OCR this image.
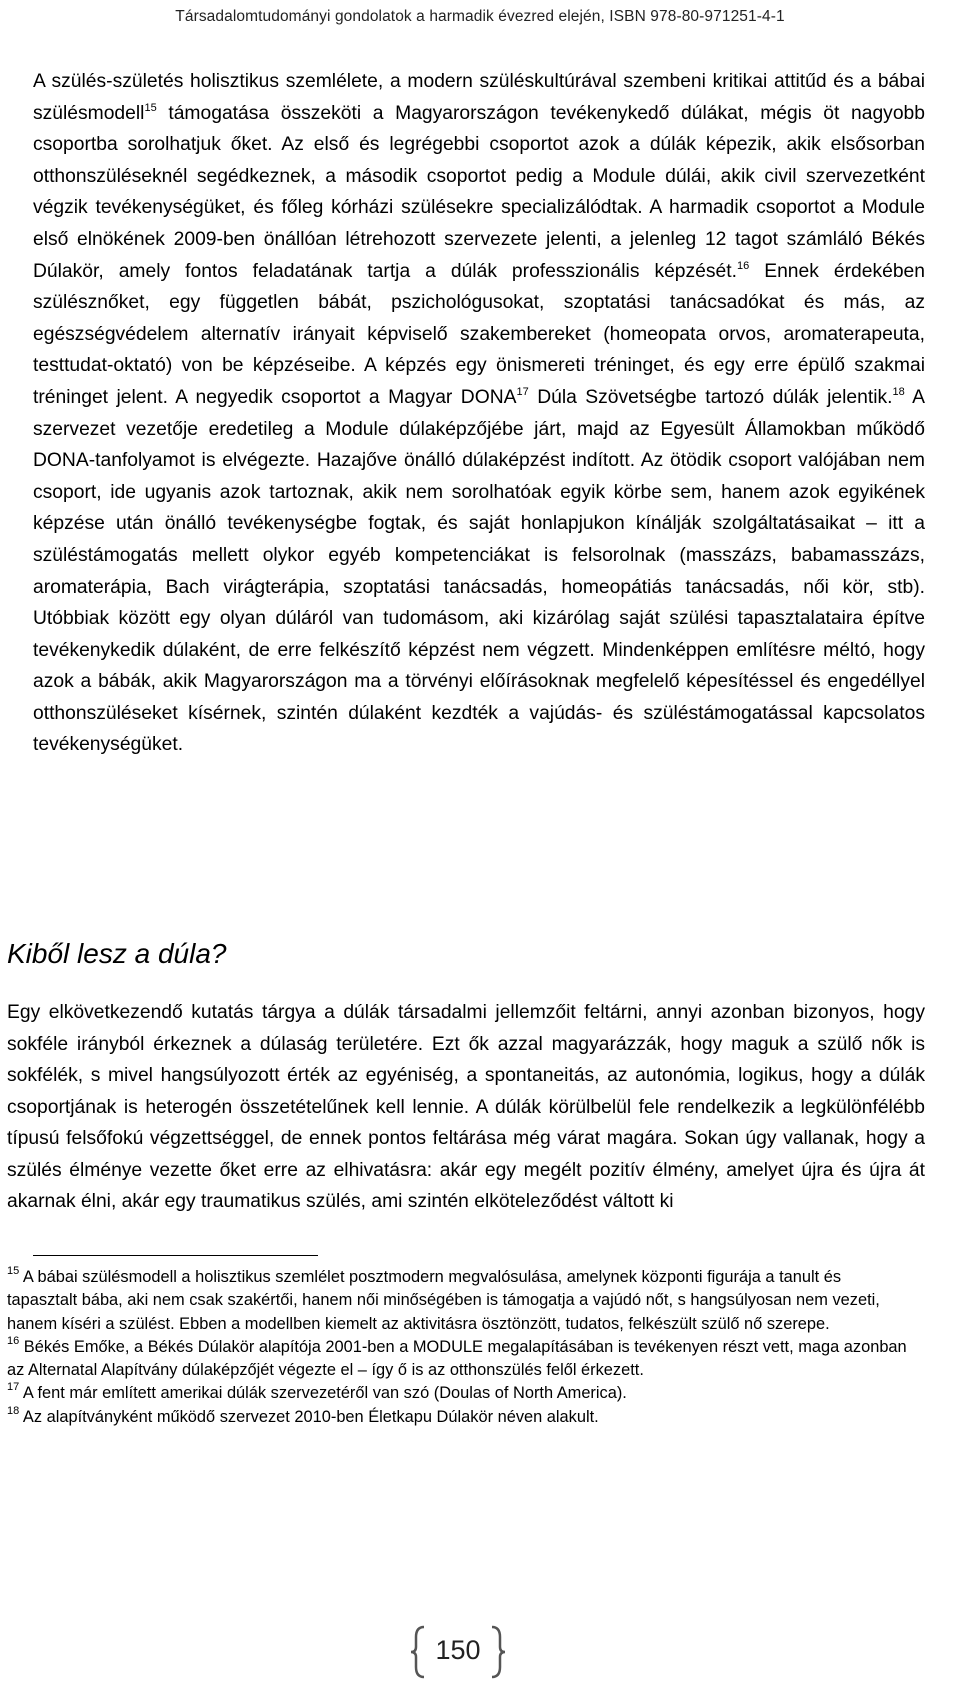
Társadalomtudományi gondolatok a harmadik évezred elején, ISBN 978-80-971251-4-1

A szülés-születés holisztikus szemlélete, a modern szüléskultúrával szembeni kritikai attitűd és a bábai szülésmodell$^{15}$ támogatása összeköti a Magyarországon tevékenykedő dúlákat, mégis öt nagyobb csoportba sorolhatjuk őket. Az első és legrégebbi csoportot azok a dúlák képezik, akik elsősorban otthonszüléseknél segédkeznek, a második csoportot pedig a Module dúlái, akik civil szervezetként végzik tevékenységüket, és főleg kórházi szülésekre specializálódtak. A harmadik csoportot a Module első elnökének 2009-ben önállóan létrehozott szervezete jelenti, a jelenleg 12 tagot számláló Békés Dúlakör, amely fontos feladatának tartja a dúlák professzionális képzését.$^{16}$ Ennek érdekében szülésznőket, egy független bábát, pszichológusokat, szoptatási tanácsadókat és más, az egészségvédelem alternatív irányait képviselő szakembereket (homeopata orvos, aromaterapeuta, testtudat-oktató) von be képzéseibe. A képzés egy önismereti tréninget, és egy erre épülő szakmai tréninget jelent. A negyedik csoportot a Magyar DONA$^{17}$ Dúla Szövetségbe tartozó dúlák jelentik.$^{18}$ A szervezet vezetője eredetileg a Module dúlaképzőjébe járt, majd az Egyesült Államokban működő DONA-tanfolyamot is elvégezte. Hazajőve önálló dúlaképzést indított. Az ötödik csoport valójában nem csoport, ide ugyanis azok tartoznak, akik nem sorolhatóak egyik körbe sem, hanem azok egyikének képzése után önálló tevékenységbe fogtak, és saját honlapjukon kínálják szolgáltatásaikat – itt a szüléstámogatás mellett olykor egyéb kompetenciákat is felsorolnak (masszázs, babamasszázs, aromaterápia, Bach virágterápia, szoptatási tanácsadás, homeopátiás tanácsadás, női kör, stb). Utóbbiak között egy olyan dúláról van tudomásom, aki kizárólag saját szülési tapasztalataira építve tevékenykedik dúlaként, de erre felkészítő képzést nem végzett. Mindenképpen említésre méltó, hogy azok a bábák, akik Magyarországon ma a törvényi előírásoknak megfelelő képesítéssel és engedéllyel otthonszüléseket kísérnek, szintén dúlaként kezdték a vajúdás- és szüléstámogatással kapcsolatos tevékenységüket.

Kiből lesz a dúla?

Egy elkövetkezendő kutatás tárgya a dúlák társadalmi jellemzőit feltárni, annyi azonban bizonyos, hogy sokféle irányból érkeznek a dúlaság területére. Ezt ők azzal magyarázzák, hogy maguk a szülő nők is sokfélék, s mivel hangsúlyozott érték az egyéniség, a spontaneitás, az autonómia, logikus, hogy a dúlák csoportjának is heterogén összetételűnek kell lennie. A dúlák körülbelül fele rendelkezik a legkülönfélébb típusú felsőfokú végzettséggel, de ennek pontos feltárása még várat magára. Sokan úgy vallanak, hogy a szülés élménye vezette őket erre az elhivatásra: akár egy megélt pozitív élmény, amelyet újra és újra át akarnak élni, akár egy traumatikus szülés, ami szintén elköteleződést váltott ki

$^{15}$ A bábai szülésmodell a holisztikus szemlélet posztmodern megvalósulása, amelynek központi figurája a tanult és tapasztalt bába, aki nem csak szakértői, hanem női minőségében is támogatja a vajúdó nőt, s hangsúlyosan nem vezeti, hanem kíséri a szülést. Ebben a modellben kiemelt az aktivitásra ösztönzött, tudatos, felkészült szülő nő szerepe.

$^{16}$ Békés Emőke, a Békés Dúlakör alapítója 2001-ben a MODULE megalapításában is tevékenyen részt vett, maga azonban az Alternatal Alapítvány dúlaképzőjét végezte el – így ő is az otthonszülés felől érkezett.

$^{17}$ A fent már említett amerikai dúlák szervezetéről van szó (Doulas of North America).

$^{18}$ Az alapítványként működő szervezet 2010-ben Életkapu Dúlakör néven alakult.

150
